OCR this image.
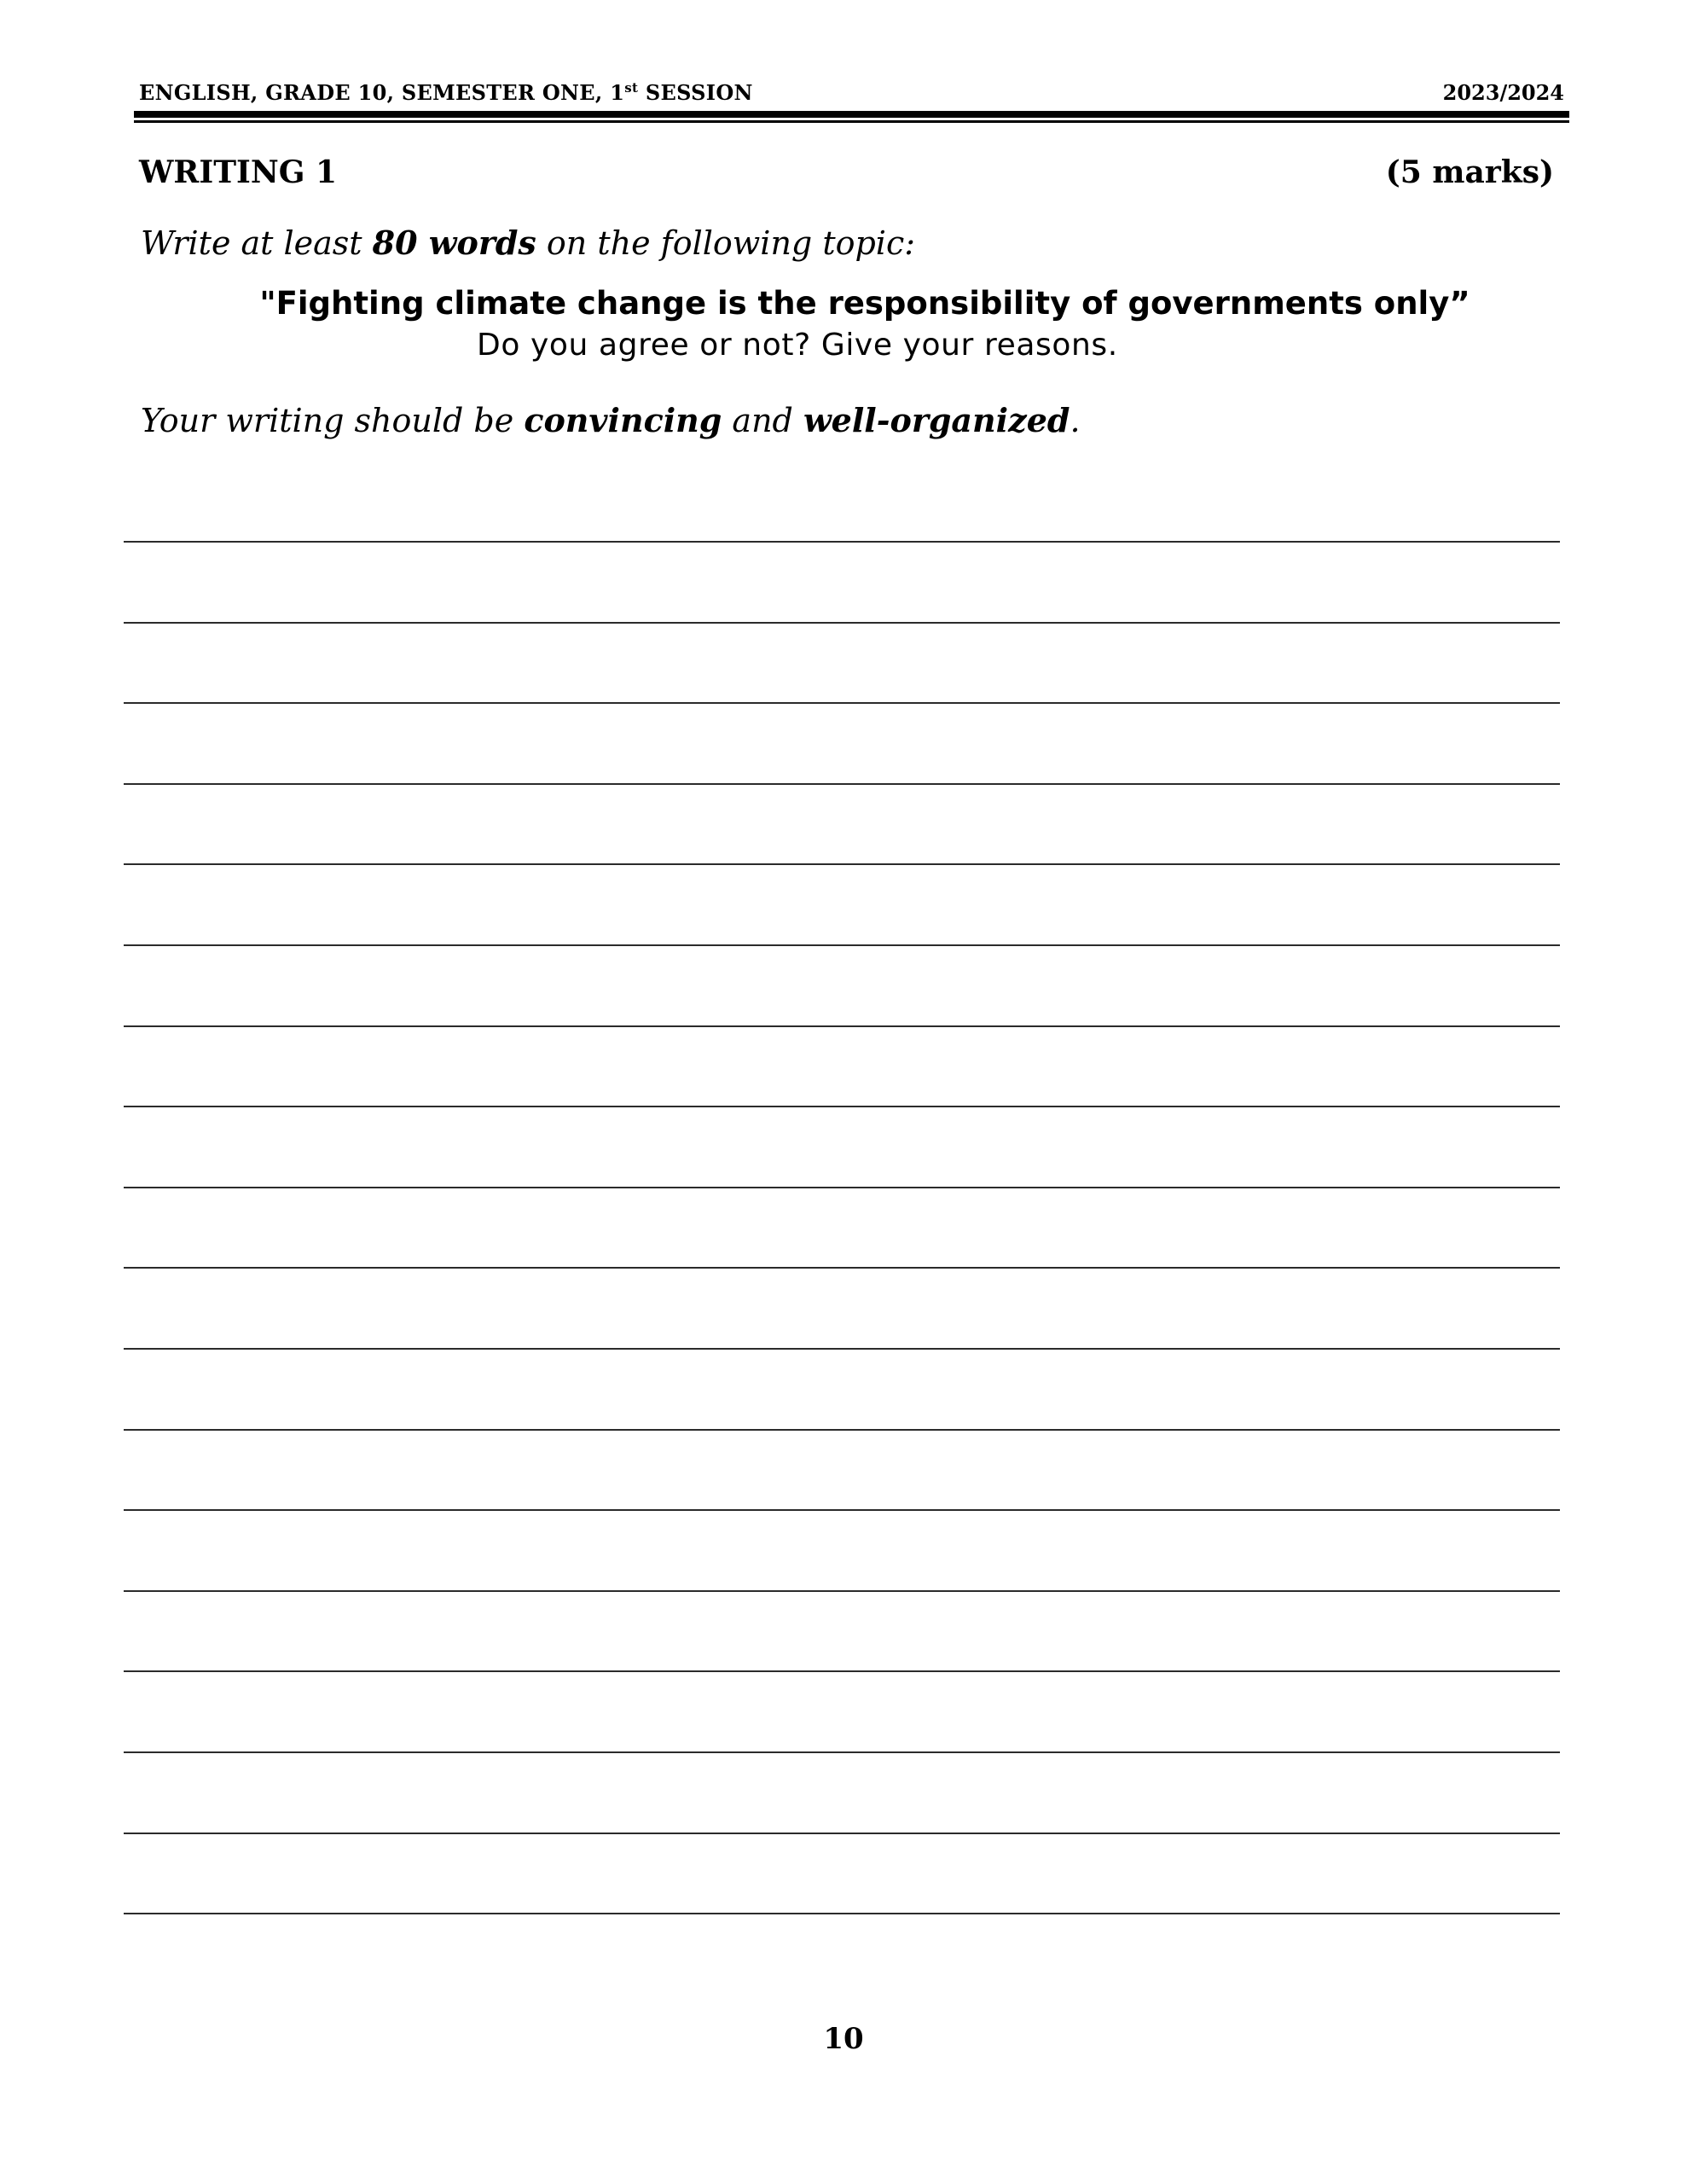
ENGLISH, GRADE 10, SEMESTER ONE, 1st SESSION	2023/2024
WRITING 1	(5 marks)
Write at least 80 words on the following topic:
"Fighting climate change is the responsibility of governments only”
Do you agree or not? Give your reasons.
Your writing should be convincing and well-organized.
10
